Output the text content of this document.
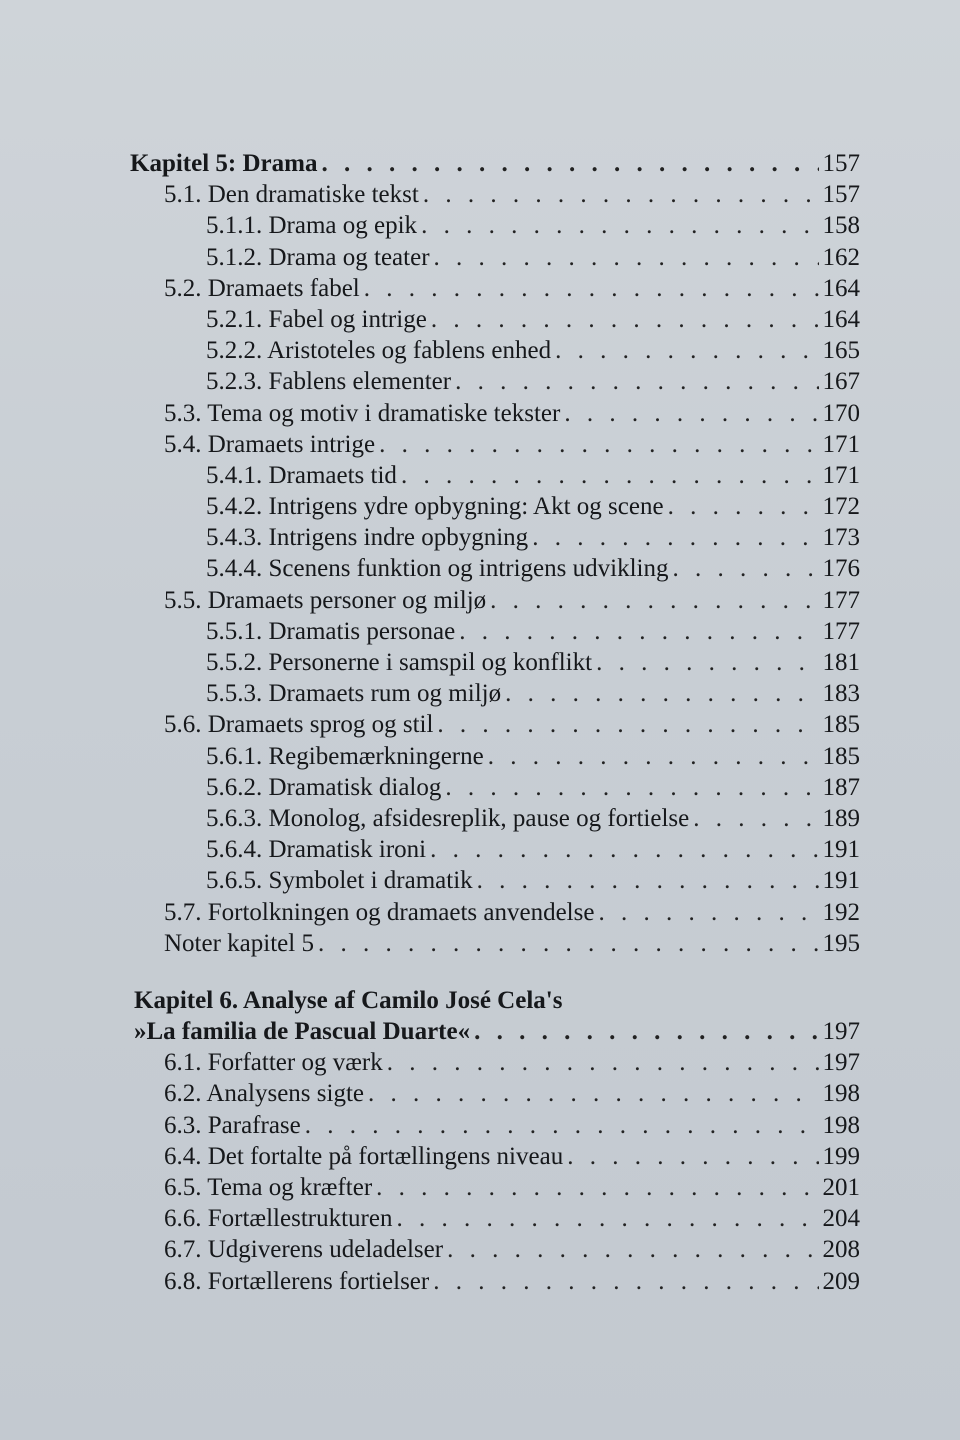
Kapitel 5: Drama . . .	157
5.1. Den dramatiske tekst . . .	157
5.1.1. Drama og epik . . .	158
5.1.2. Drama og teater . . .	162
5.2. Dramaets fabel . . .	164
5.2.1. Fabel og intrige . . .	164
5.2.2. Aristoteles og fablens enhed . . .	165
5.2.3. Fablens elementer . . .	167
5.3. Tema og motiv i dramatiske tekster . . .	170
5.4. Dramaets intrige . . .	171
5.4.1. Dramaets tid . . .	171
5.4.2. Intrigens ydre opbygning: Akt og scene . . .	172
5.4.3. Intrigens indre opbygning . . .	173
5.4.4. Scenens funktion og intrigens udvikling . . .	176
5.5. Dramaets personer og miljø . . .	177
5.5.1. Dramatis personae . . .	177
5.5.2. Personerne i samspil og konflikt . . .	181
5.5.3. Dramaets rum og miljø . . .	183
5.6. Dramaets sprog og stil . . .	185
5.6.1. Regibemærkningerne . . .	185
5.6.2. Dramatisk dialog . . .	187
5.6.3. Monolog, afsidesreplik, pause og fortielse . . .	189
5.6.4. Dramatisk ironi . . .	191
5.6.5. Symbolet i dramatik . . .	191
5.7. Fortolkningen og dramaets anvendelse . . .	192
Noter kapitel 5 . . .	195
Kapitel 6. Analyse af Camilo José Cela's
»La familia de Pascual Duarte« . . .	197
6.1. Forfatter og værk . . .	197
6.2. Analysens sigte . . .	198
6.3. Parafrase . . .	198
6.4. Det fortalte på fortællingens niveau . . .	199
6.5. Tema og kræfter . . .	201
6.6. Fortællestrukturen . . .	204
6.7. Udgiverens udeladelser . . .	208
6.8. Fortællerens fortielser . . .	209
